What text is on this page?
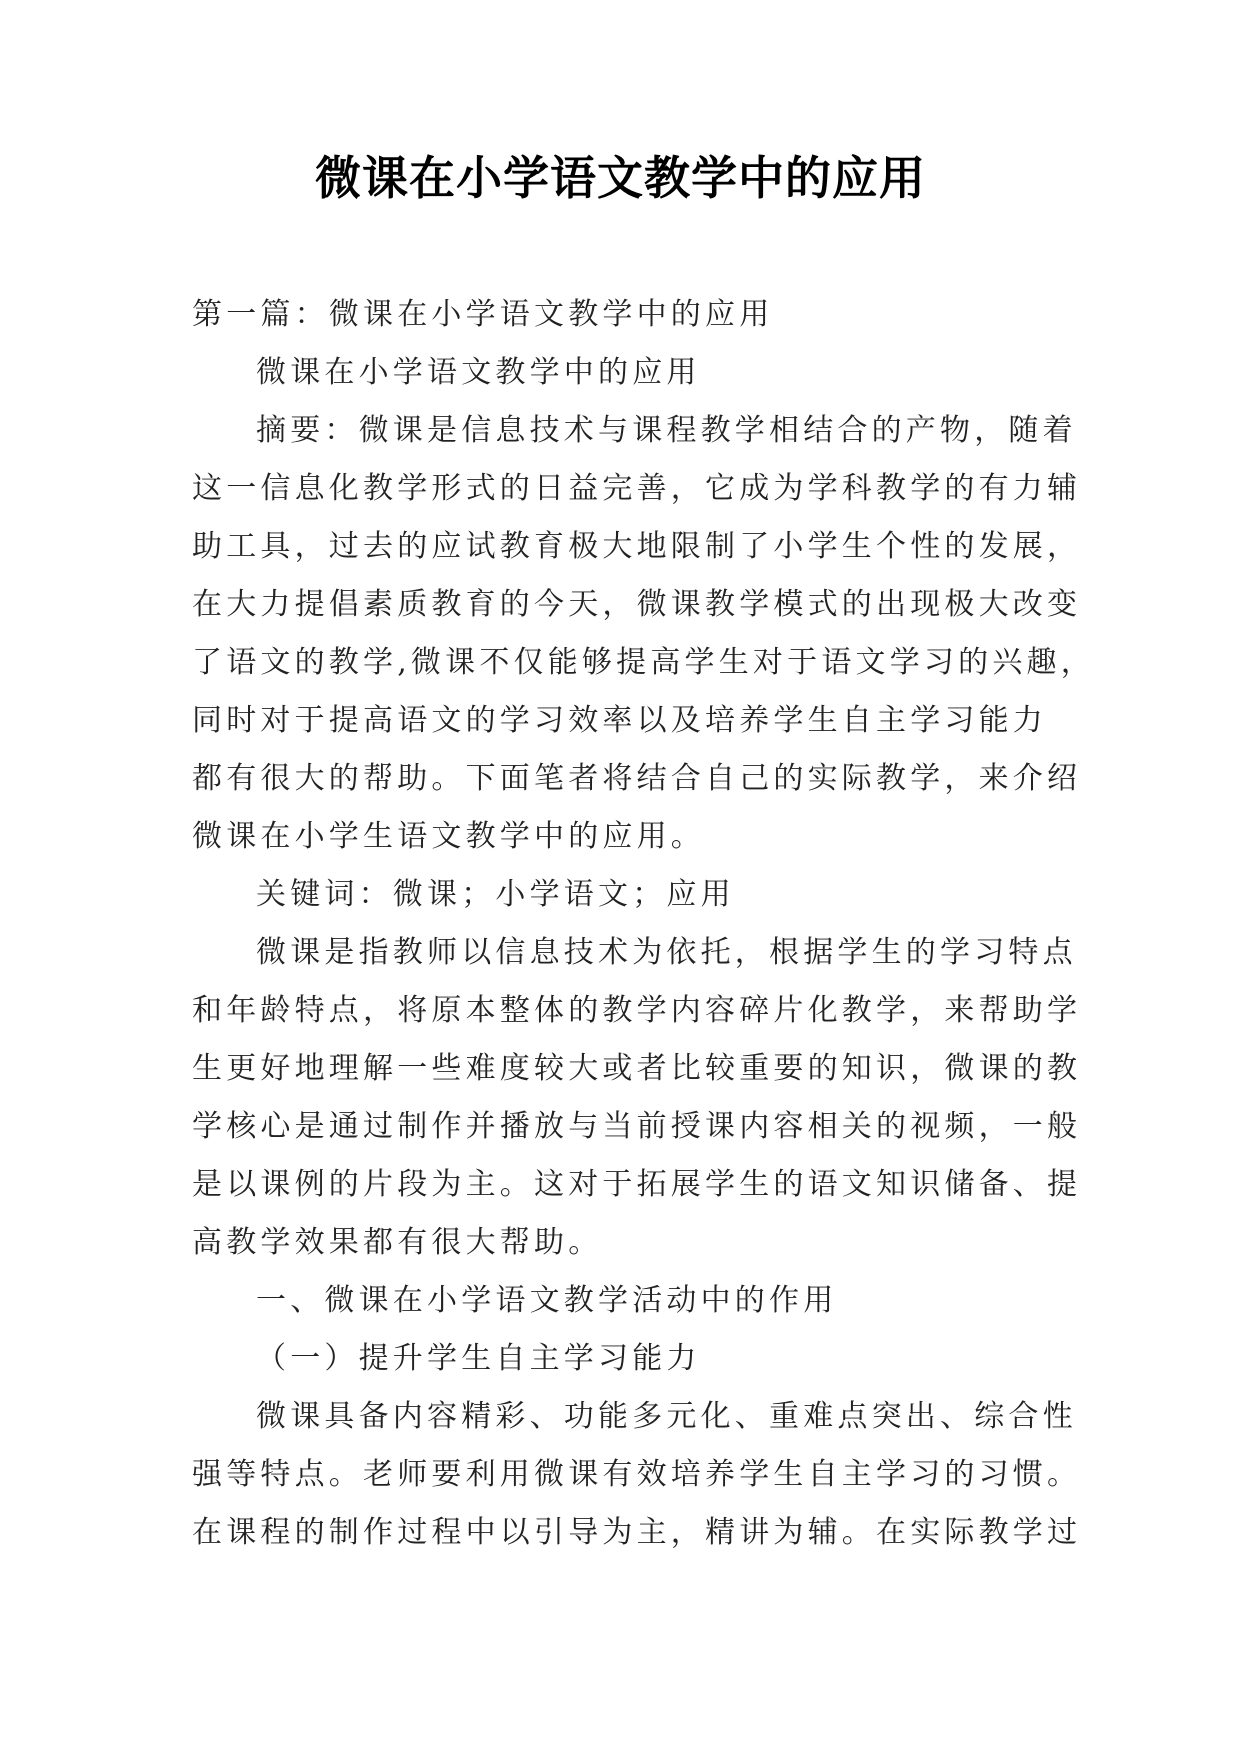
微课在小学语文教学中的应用
第一篇：微课在小学语文教学中的应用
微课在小学语文教学中的应用
摘要：微课是信息技术与课程教学相结合的产物，随着
这一信息化教学形式的日益完善，它成为学科教学的有力辅
助工具，过去的应试教育极大地限制了小学生个性的发展，
在大力提倡素质教育的今天，微课教学模式的出现极大改变
了语文的教学,微课不仅能够提高学生对于语文学习的兴趣，
同时对于提高语文的学习效率以及培养学生自主学习能力
都有很大的帮助。下面笔者将结合自己的实际教学，来介绍
微课在小学生语文教学中的应用。
关键词：微课；小学语文；应用
微课是指教师以信息技术为依托，根据学生的学习特点
和年龄特点，将原本整体的教学内容碎片化教学，来帮助学
生更好地理解一些难度较大或者比较重要的知识，微课的教
学核心是通过制作并播放与当前授课内容相关的视频，一般
是以课例的片段为主。这对于拓展学生的语文知识储备、提
高教学效果都有很大帮助。
一、微课在小学语文教学活动中的作用
（一）提升学生自主学习能力
微课具备内容精彩、功能多元化、重难点突出、综合性
强等特点。老师要利用微课有效培养学生自主学习的习惯。
在课程的制作过程中以引导为主，精讲为辅。在实际教学过
